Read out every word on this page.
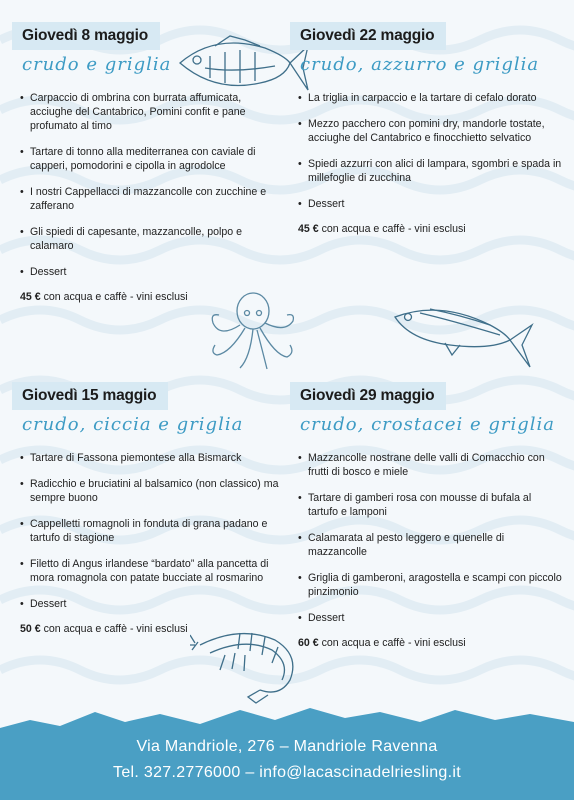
Giovedì 8 maggio
crudo e griglia
• Carpaccio di ombrina con burrata affumicata, acciughe del Cantabrico, Pomini confit e pane profumato al timo
• Tartare di tonno alla mediterranea con caviale di capperi, pomodorini e cipolla in agrodolce
• I nostri Cappellacci di mazzancolle con zucchine e zafferano
• Gli spiedi di capesante, mazzancolle, polpo e calamaro
• Dessert
45 € con acqua e caffè - vini esclusi
Giovedì 22 maggio
crudo, azzurro e griglia
• La triglia in carpaccio e la tartare di cefalo dorato
• Mezzo pacchero con pomini dry, mandorle tostate, acciughe del Cantabrico e finocchietto selvatico
• Spiedi azzurri con alici di lampara, sgombri e spada in millefoglie di zucchina
• Dessert
45 € con acqua e caffè - vini esclusi
Giovedì 15 maggio
crudo, ciccia e griglia
• Tartare di Fassona piemontese alla Bismarck
• Radicchio e bruciatini al balsamico (non classico) ma sempre buono
• Cappelletti romagnoli in fonduta di grana padano e tartufo di stagione
• Filetto di Angus irlandese “bardato” alla pancetta di mora romagnola con patate bucciate al rosmarino
• Dessert
50 € con acqua e caffè - vini esclusi
Giovedì 29 maggio
crudo, crostacei e griglia
• Mazzancolle nostrane delle valli di Comacchio con frutti di bosco e miele
• Tartare di gamberi rosa con mousse di bufala al tartufo e lamponi
• Calamarata al pesto leggero e quenelle di mazzancolle
• Griglia di gamberoni, aragostella e scampi con piccolo pinzimonio
• Dessert
60 € con acqua e caffè - vini esclusi
Via Mandriole, 276 – Mandriole Ravenna
Tel. 327.2776000 – info@lacascinadelriesling.it
